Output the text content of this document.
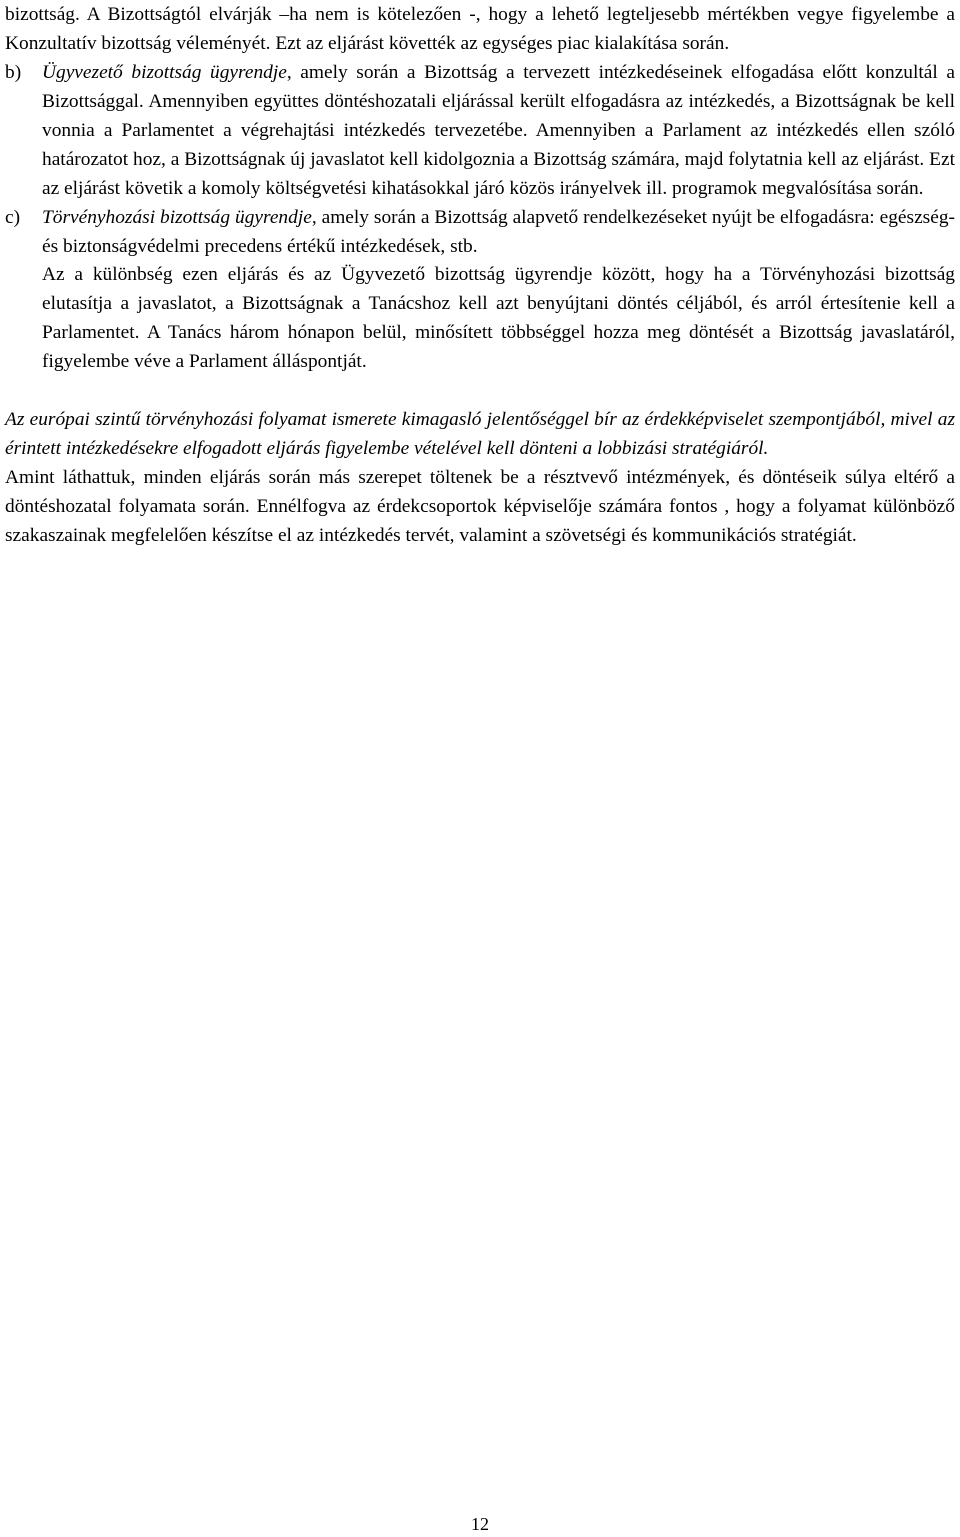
bizottság. A Bizottságtól elvárják –ha nem is kötelezően -, hogy a lehető legteljesebb mértékben vegye figyelembe a Konzultatív bizottság véleményét. Ezt az eljárást követték az egységes piac kialakítása során.

b)	Ügyvezető bizottság ügyrendje, amely során a Bizottság a tervezett intézkedéseinek elfogadása előtt konzultál a Bizottsággal. Amennyiben együttes döntéshozatali eljárással került elfogadásra az intézkedés, a Bizottságnak be kell vonnia a Parlamentet a végrehajtási intézkedés tervezetébe. Amennyiben a Parlament az intézkedés ellen szóló határozatot hoz, a Bizottságnak új javaslatot kell kidolgoznia a Bizottság számára, majd folytatnia kell az eljárást. Ezt az eljárást követik a komoly költségvetési kihatásokkal járó közös irányelvek ill. programok megvalósítása során.
c)	Törvényhozási bizottság ügyrendje, amely során a Bizottság alapvető rendelkezéseket nyújt be elfogadásra: egészség- és biztonságvédelmi precedens értékű intézkedések, stb.

Az a különbség ezen eljárás és az Ügyvezető bizottság ügyrendje között, hogy ha a Törvényhozási bizottság elutasítja a javaslatot, a Bizottságnak a Tanácshoz kell azt benyújtani döntés céljából, és arról értesítenie kell a Parlamentet. A Tanács három hónapon belül, minősített többséggel hozza meg döntését a Bizottság javaslatáról, figyelembe véve a Parlament álláspontját.

Az európai szintű törvényhozási folyamat ismerete kimagasló jelentőséggel bír az érdekképviselet szempontjából, mivel az érintett intézkedésekre elfogadott eljárás figyelembe vételével kell dönteni a lobbizási stratégiáról.

Amint láthattuk, minden eljárás során más szerepet töltenek be a résztvevő intézmények, és döntéseik súlya eltérő a döntéshozatal folyamata során. Ennélfogva az érdekcsoportok képviselője számára fontos , hogy a folyamat különböző szakaszainak megfelelően készítse el az intézkedés tervét, valamint a szövetségi és kommunikációs stratégiát.

12
